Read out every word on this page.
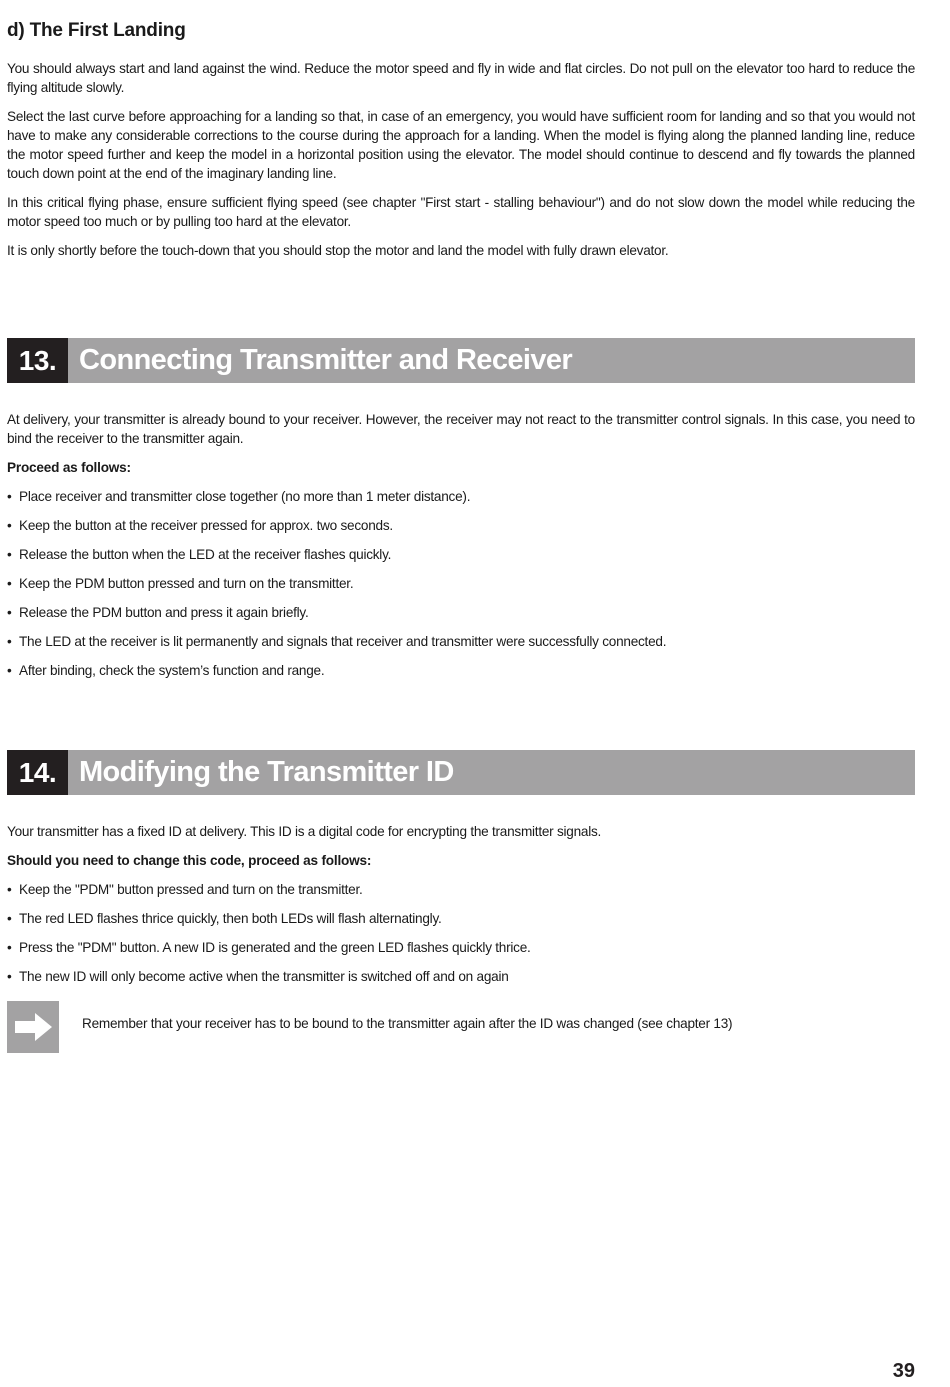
d) The First Landing

You should always start and land against the wind. Reduce the motor speed and fly in wide and flat circles. Do not pull on the elevator too hard to reduce the flying altitude slowly.

Select the last curve before approaching for a landing so that, in case of an emergency, you would have sufficient room for landing and so that you would not have to make any considerable corrections to the course during the approach for a landing. When the model is flying along the planned landing line, reduce the motor speed further and keep the model in a horizontal position using the elevator. The model should continue to descend and fly towards the planned touch down point at the end of the imaginary landing line.

In this critical flying phase, ensure sufficient flying speed (see chapter "First start - stalling behaviour") and do not slow down the model while reducing the motor speed too much or by pulling too hard at the elevator.

It is only shortly before the touch-down that you should stop the motor and land the model with fully drawn elevator.

13. Connecting Transmitter and Receiver

At delivery, your transmitter is already bound to your receiver. However, the receiver may not react to the transmitter control signals. In this case, you need to bind the receiver to the transmitter again.

Proceed as follows:
• Place receiver and transmitter close together (no more than 1 meter distance).
• Keep the button at the receiver pressed for approx. two seconds.
• Release the button when the LED at the receiver flashes quickly.
• Keep the PDM button pressed and turn on the transmitter.
• Release the PDM button and press it again briefly.
• The LED at the receiver is lit permanently and signals that receiver and transmitter were successfully connected.
• After binding, check the system’s function and range.
14. Modifying the Transmitter ID

Your transmitter has a fixed ID at delivery. This ID is a digital code for encrypting the transmitter signals.

Should you need to change this code, proceed as follows:
• Keep the "PDM" button pressed and turn on the transmitter.
• The red LED flashes thrice quickly, then both LEDs will flash alternatingly.
• Press the "PDM" button. A new ID is generated and the green LED flashes quickly thrice.
• The new ID will only become active when the transmitter is switched off and on again
Remember that your receiver has to be bound to the transmitter again after the ID was changed (see chapter 13)
39
